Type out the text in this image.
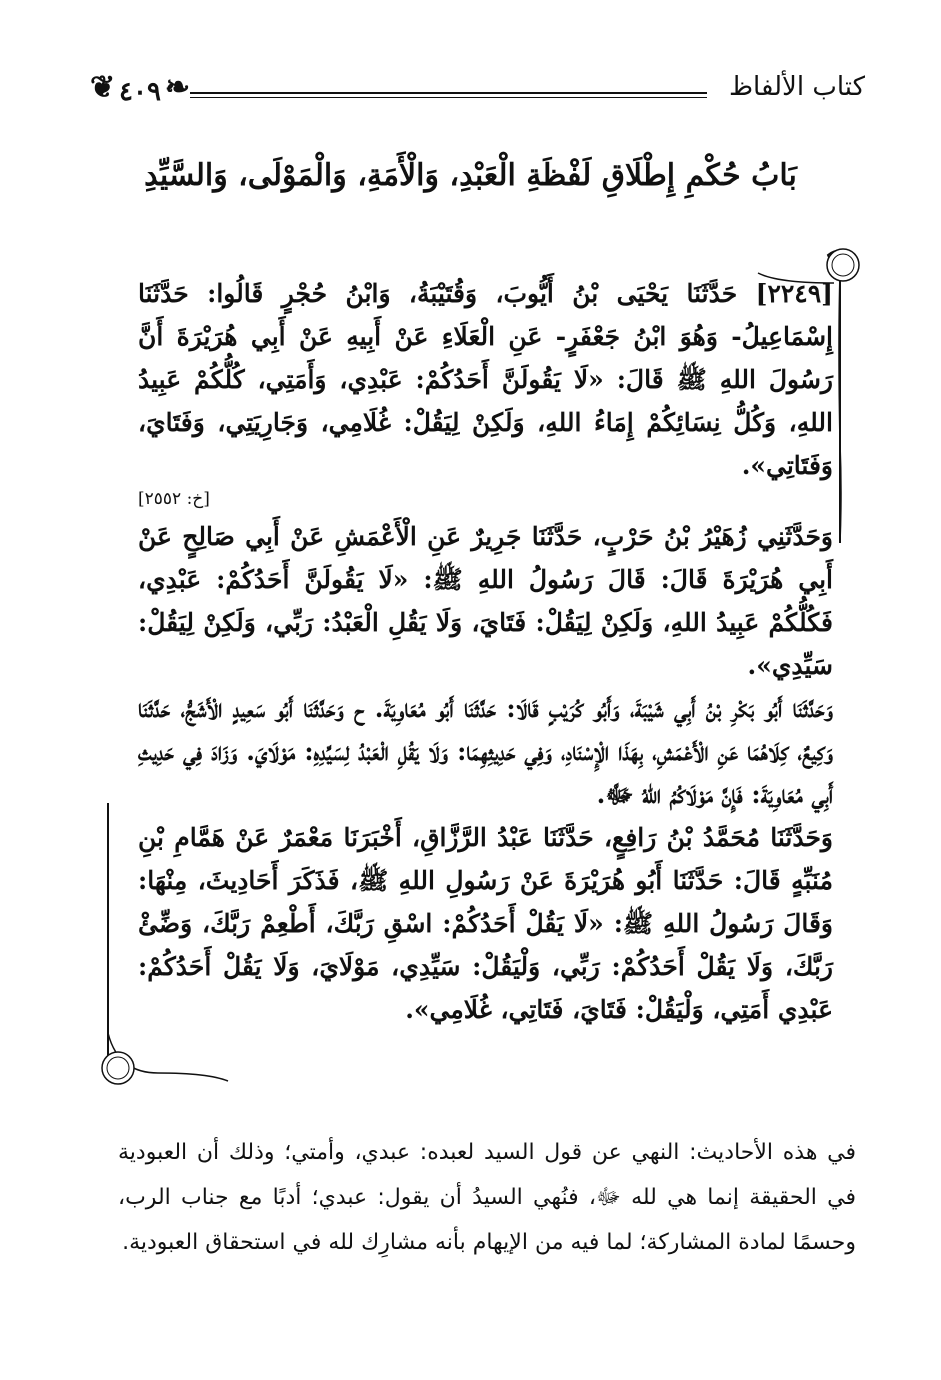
كتاب الألفاظ
❦ ٤٠٩ ❧
بَابُ حُكْمِ إِطْلَاقِ لَفْظَةِ الْعَبْدِ، وَالْأَمَةِ، وَالْمَوْلَى، وَالسَّيِّدِ

[٢٢٤٩] حَدَّثَنَا يَحْيَى بْنُ أَيُّوبَ، وَقُتَيْبَةُ، وَابْنُ حُجْرٍ قَالُوا: حَدَّثَنَا إِسْمَاعِيلُ- وَهُوَ ابْنُ جَعْفَرٍ- عَنِ الْعَلَاءِ عَنْ أَبِيهِ عَنْ أَبِي هُرَيْرَةَ أَنَّ رَسُولَ اللهِ ﷺ قَالَ: «لَا يَقُولَنَّ أَحَدُكُمْ: عَبْدِي، وَأَمَتِي، كُلُّكُمْ عَبِيدُ اللهِ، وَكُلُّ نِسَائِكُمْ إِمَاءُ اللهِ، وَلَكِنْ لِيَقُلْ: غُلَامِي، وَجَارِيَتِي، وَفَتَايَ، وَفَتَاتِي».

[خ: ٢٥٥٢]

وَحَدَّثَنِي زُهَيْرُ بْنُ حَرْبٍ، حَدَّثَنَا جَرِيرٌ عَنِ الْأَعْمَشِ عَنْ أَبِي صَالِحٍ عَنْ أَبِي هُرَيْرَةَ قَالَ: قَالَ رَسُولُ اللهِ ﷺ: «لَا يَقُولَنَّ أَحَدُكُمْ: عَبْدِي، فَكُلُّكُمْ عَبِيدُ اللهِ، وَلَكِنْ لِيَقُلْ: فَتَايَ، وَلَا يَقُلِ الْعَبْدُ: رَبِّي، وَلَكِنْ لِيَقُلْ: سَيِّدِي».

وَحَدَّثَنَا أَبُو بَكْرِ بْنُ أَبِي شَيْبَةَ، وَأَبُو كُرَيْبٍ قَالَا: حَدَّثَنَا أَبُو مُعَاوِيَةَ. ح وَحَدَّثَنَا أَبُو سَعِيدٍ الْأَشَجُّ، حَدَّثَنَا وَكِيعٌ، كِلَاهُمَا عَنِ الْأَعْمَشِ، بِهَذَا الْإِسْنَادِ، وَفِي حَدِيثِهِمَا: وَلَا يَقُلِ الْعَبْدُ لِسَيِّدِهِ: مَوْلَايَ. وَزَادَ فِي حَدِيثِ أَبِي مُعَاوِيَةَ: فَإِنَّ مَوْلَاكُمُ اللهُ ﷻ.

وَحَدَّثَنَا مُحَمَّدُ بْنُ رَافِعٍ، حَدَّثَنَا عَبْدُ الرَّزَّاقِ، أَخْبَرَنَا مَعْمَرٌ عَنْ هَمَّامِ بْنِ مُنَبِّهٍ قَالَ: حَدَّثَنَا أَبُو هُرَيْرَةَ عَنْ رَسُولِ اللهِ ﷺ، فَذَكَرَ أَحَادِيثَ، مِنْهَا: وَقَالَ رَسُولُ اللهِ ﷺ: «لَا يَقُلْ أَحَدُكُمْ: اسْقِ رَبَّكَ، أَطْعِمْ رَبَّكَ، وَضِّئْ رَبَّكَ، وَلَا يَقُلْ أَحَدُكُمْ: رَبِّي، وَلْيَقُلْ: سَيِّدِي، مَوْلَايَ، وَلَا يَقُلْ أَحَدُكُمْ: عَبْدِي أَمَتِي، وَلْيَقُلْ: فَتَايَ، فَتَاتِي، غُلَامِي».

في هذه الأحاديث: النهي عن قول السيد لعبده: عبدي، وأمتي؛ وذلك أن العبودية في الحقيقة إنما هي لله ﷻ، فنُهي السيدُ أن يقول: عبدي؛ أدبًا مع جناب الرب، وحسمًا لمادة المشاركة؛ لما فيه من الإيهام بأنه مشارِك لله في استحقاق العبودية.
